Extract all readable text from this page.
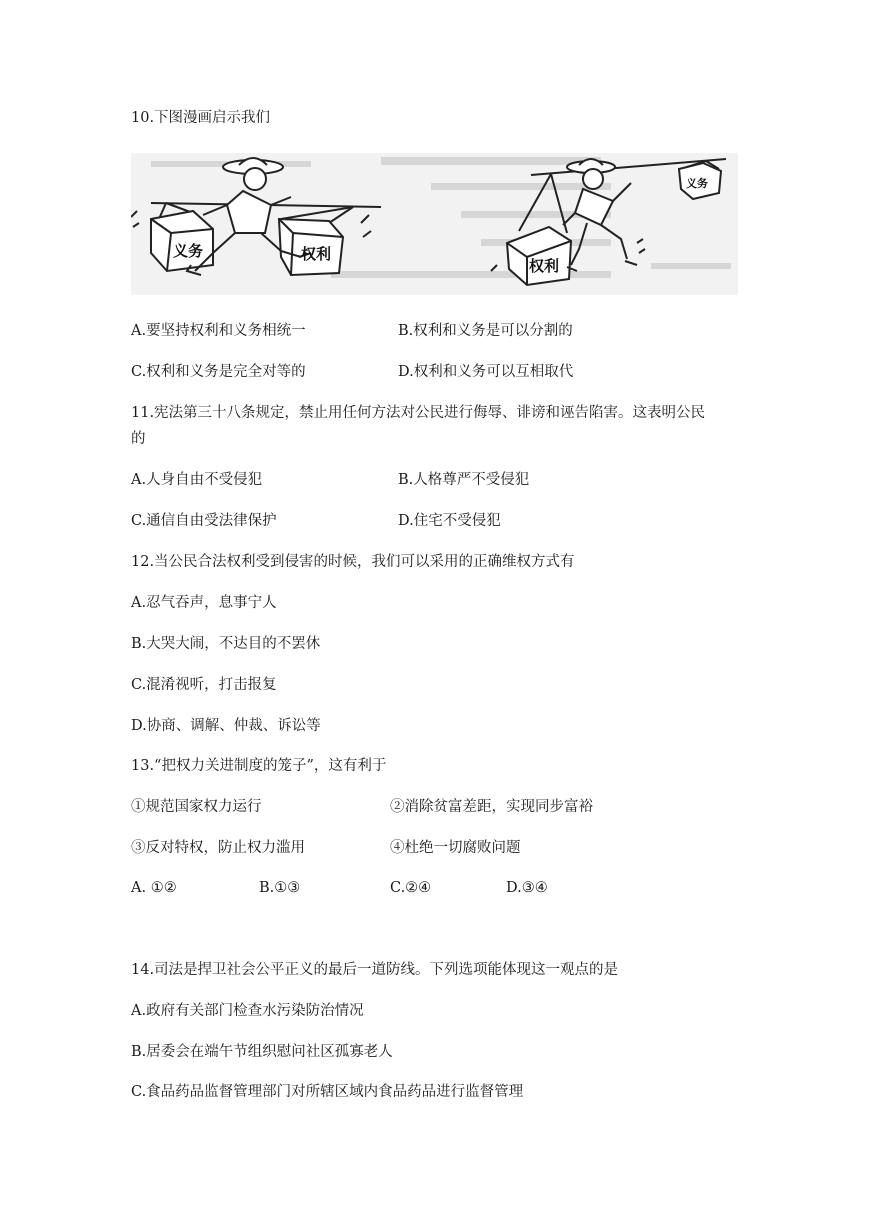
10.下图漫画启示我们
义务	权利
权利
义务
A.要坚持权利和义务相统一	B.权利和义务是可以分割的
C.权利和义务是完全对等的	D.权利和义务可以互相取代
11.宪法第三十八条规定，禁止用任何方法对公民进行侮辱、诽谤和诬告陷害。这表明公民
的
A.人身自由不受侵犯	B.人格尊严不受侵犯
C.通信自由受法律保护	D.住宅不受侵犯
12.当公民合法权利受到侵害的时候，我们可以采用的正确维权方式有
A.忍气吞声，息事宁人
B.大哭大闹，不达目的不罢休
C.混淆视听，打击报复
D.协商、调解、仲裁、诉讼等
13.“把权力关进制度的笼子”，这有利于
①规范国家权力运行	②消除贫富差距，实现同步富裕
③反对特权，防止权力滥用	④杜绝一切腐败问题
A. ①②	B.①③	C.②④	D.③④
14.司法是捍卫社会公平正义的最后一道防线。下列选项能体现这一观点的是
A.政府有关部门检查水污染防治情况
B.居委会在端午节组织慰问社区孤寡老人
C.食品药品监督管理部门对所辖区域内食品药品进行监督管理
